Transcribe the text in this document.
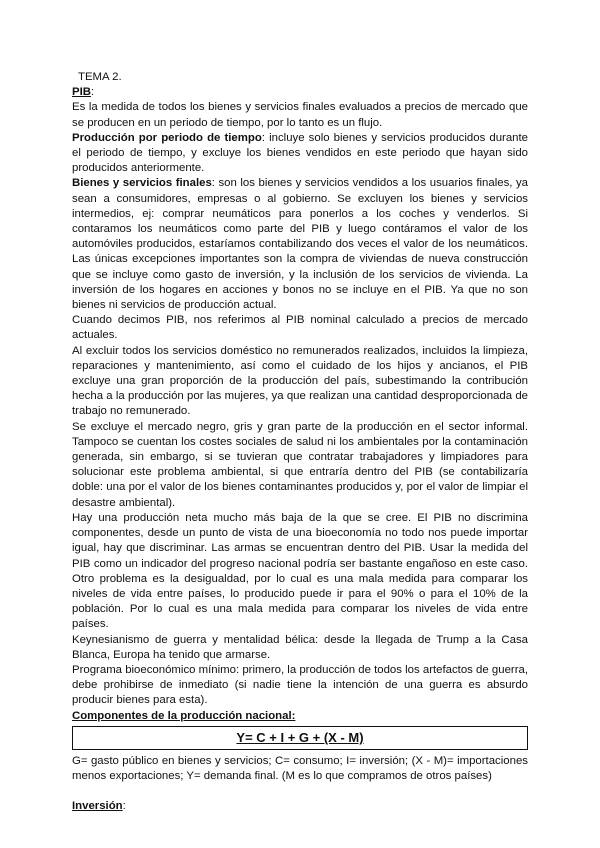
TEMA 2.
PIB:

Es la medida de todos los bienes y servicios finales evaluados a precios de mercado que se producen en un periodo de tiempo, por lo tanto es un flujo.

Producción por periodo de tiempo: incluye solo bienes y servicios producidos durante el periodo de tiempo, y excluye los bienes vendidos en este periodo que hayan sido producidos anteriormente.

Bienes y servicios finales: son los bienes y servicios vendidos a los usuarios finales, ya sean a consumidores, empresas o al gobierno. Se excluyen los bienes y servicios intermedios, ej: comprar neumáticos para ponerlos a los coches y venderlos. Si contaramos los neumáticos como parte del PIB y luego contáramos el valor de los automóviles producidos, estaríamos contabilizando dos veces el valor de los neumáticos. Las únicas excepciones importantes son la compra de viviendas de nueva construcción que se incluye como gasto de inversión, y la inclusión de los servicios de vivienda. La inversión de los hogares en acciones y bonos no se incluye en el PIB. Ya que no son bienes ni servicios de producción actual.

Cuando decimos PIB, nos referimos al PIB nominal calculado a precios de mercado actuales.

Al excluir todos los servicios doméstico no remunerados realizados, incluidos la limpieza, reparaciones y mantenimiento, así como el cuidado de los hijos y ancianos, el PIB excluye una gran proporción de la producción del país, subestimando la contribución hecha a la producción por las mujeres, ya que realizan una cantidad desproporcionada de trabajo no remunerado.

Se excluye el mercado negro, gris y gran parte de la producción en el sector informal. Tampoco se cuentan los costes sociales de salud ni los ambientales por la contaminación generada, sin embargo, si se tuvieran que contratar trabajadores y limpiadores para solucionar este problema ambiental, si que entraría dentro del PIB (se contabilizaría doble: una por el valor de los bienes contaminantes producidos y, por el valor de limpiar el desastre ambiental).

Hay una producción neta mucho más baja de la que se cree. El PIB no discrimina componentes, desde un punto de vista de una bioeconomía no todo nos puede importar igual, hay que discriminar. Las armas se encuentran dentro del PIB. Usar la medida del PIB como un indicador del progreso nacional podría ser bastante engañoso en este caso. Otro problema es la desigualdad, por lo cual es una mala medida para comparar los niveles de vida entre países, lo producido puede ir para el 90% o para el 10% de la población. Por lo cual es una mala medida para comparar los niveles de vida entre países.

Keynesianismo de guerra y mentalidad bélica: desde la llegada de Trump a la Casa Blanca, Europa ha tenido que armarse.

Programa bioeconómico mínimo: primero, la producción de todos los artefactos de guerra, debe prohibirse de inmediato (si nadie tiene la intención de una guerra es absurdo producir bienes para esta).

Componentes de la producción nacional:
Y= C + I + G + (X - M)

G= gasto público en bienes y servicios; C= consumo; I= inversión; (X - M)= importaciones menos exportaciones; Y= demanda final. (M es lo que compramos de otros países)

Inversión:
